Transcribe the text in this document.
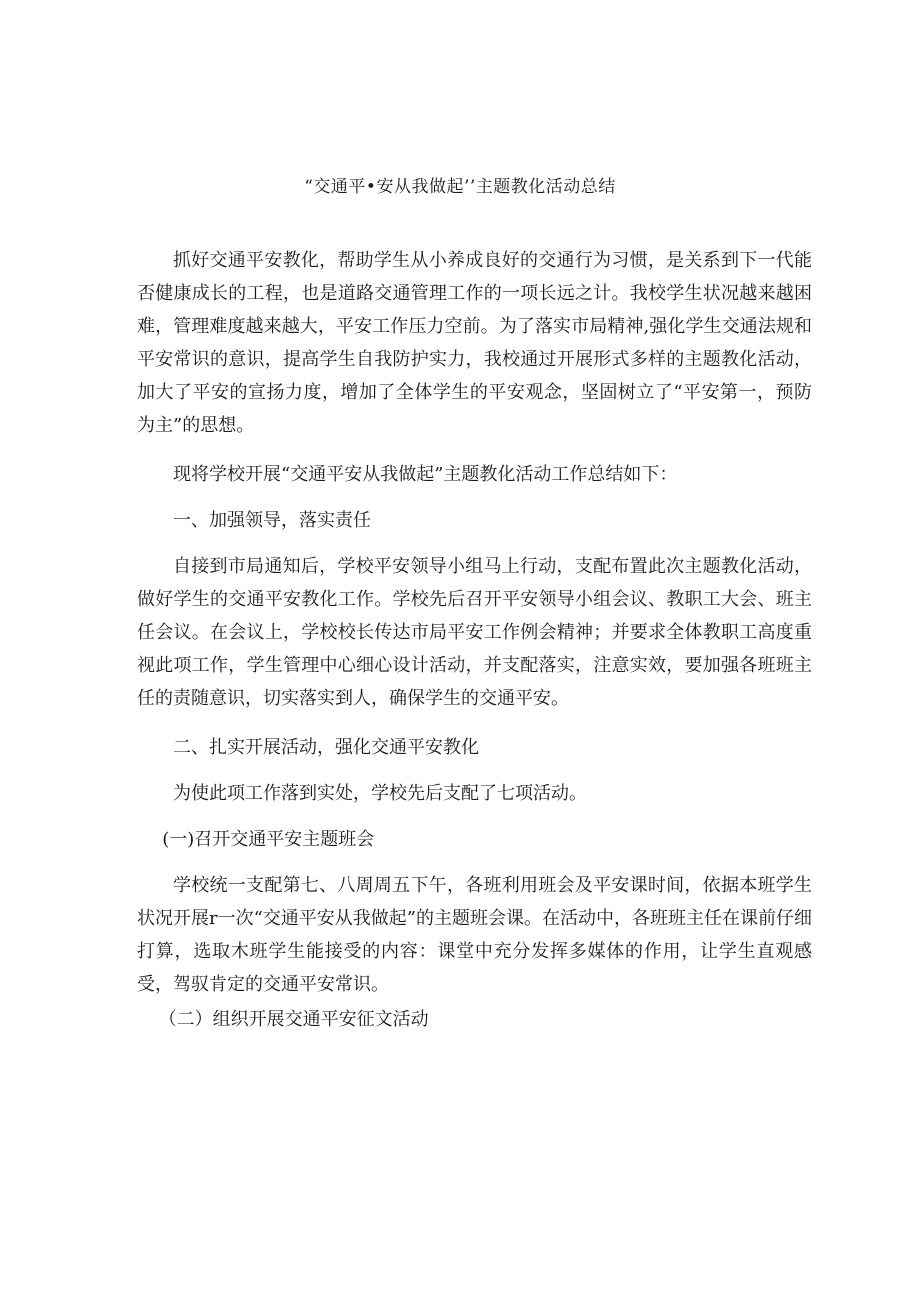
“交通平•安从我做起’’主题教化活动总结

抓好交通平安教化，帮助学生从小养成良好的交通行为习惯，是关系到下一代能否健康成长的工程，也是道路交通管理工作的一项长远之计。我校学生状况越来越困难，管理难度越来越大，平安工作压力空前。为了落实市局精神,强化学生交通法规和平安常识的意识，提高学生自我防护实力，我校通过开展形式多样的主题教化活动，加大了平安的宣扬力度，增加了全体学生的平安观念，坚固树立了“平安第一，预防为主”的思想。

现将学校开展“交通平安从我做起”主题教化活动工作总结如下：

一、加强领导，落实责任

自接到市局通知后，学校平安领导小组马上行动，支配布置此次主题教化活动，做好学生的交通平安教化工作。学校先后召开平安领导小组会议、教职工大会、班主任会议。在会议上，学校校长传达市局平安工作例会精神；并要求全体教职工高度重视此项工作，学生管理中心细心设计活动，并支配落实，注意实效，要加强各班班主任的责随意识，切实落实到人，确保学生的交通平安。

二、扎实开展活动，强化交通平安教化

为使此项工作落到实处，学校先后支配了七项活动。

(一)召开交通平安主题班会

学校统一支配第七、八周周五下午，各班利用班会及平安课时间，依据本班学生状况开展r一次“交通平安从我做起”的主题班会课。在活动中，各班班主任在课前仔细打算，选取木班学生能接受的内容：课堂中充分发挥多媒体的作用，让学生直观感受，驾驭肯定的交通平安常识。

（二）组织开展交通平安征文活动
